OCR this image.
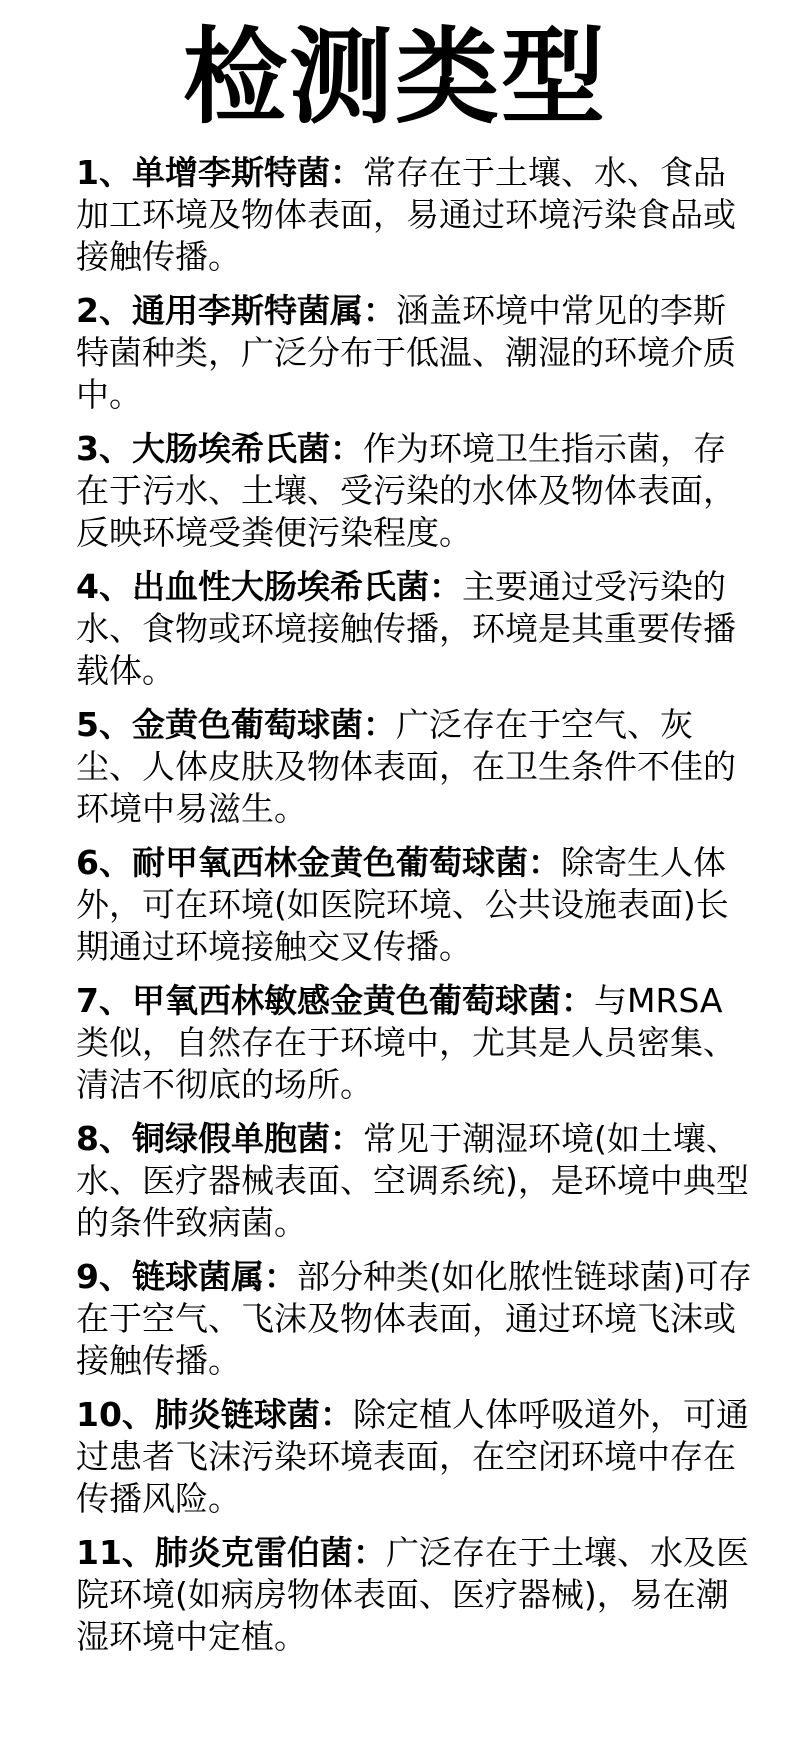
检测类型

1、单增李斯特菌：常存在于土壤、水、食品加工环境及物体表面，易通过环境污染食品或接触传播。

2、通用李斯特菌属：涵盖环境中常见的李斯特菌种类，广泛分布于低温、潮湿的环境介质中。

3、大肠埃希氏菌：作为环境卫生指示菌，存在于污水、土壤、受污染的水体及物体表面，反映环境受粪便污染程度。

4、出血性大肠埃希氏菌：主要通过受污染的水、食物或环境接触传播，环境是其重要传播载体。

5、金黄色葡萄球菌：广泛存在于空气、灰尘、人体皮肤及物体表面，在卫生条件不佳的环境中易滋生。

6、耐甲氧西林金黄色葡萄球菌：除寄生人体外，可在环境(如医院环境、公共设施表面)长期通过环境接触交叉传播。

7、甲氧西林敏感金黄色葡萄球菌：与MRSA 类似，自然存在于环境中，尤其是人员密集、清洁不彻底的场所。

8、铜绿假单胞菌：常见于潮湿环境(如土壤、水、医疗器械表面、空调系统)，是环境中典型的条件致病菌。

9、链球菌属：部分种类(如化脓性链球菌)可存在于空气、飞沫及物体表面，通过环境飞沫或接触传播。

10、肺炎链球菌：除定植人体呼吸道外，可通过患者飞沫污染环境表面，在空闭环境中存在传播风险。

11、肺炎克雷伯菌：广泛存在于土壤、水及医院环境(如病房物体表面、医疗器械)，易在潮湿环境中定植。
